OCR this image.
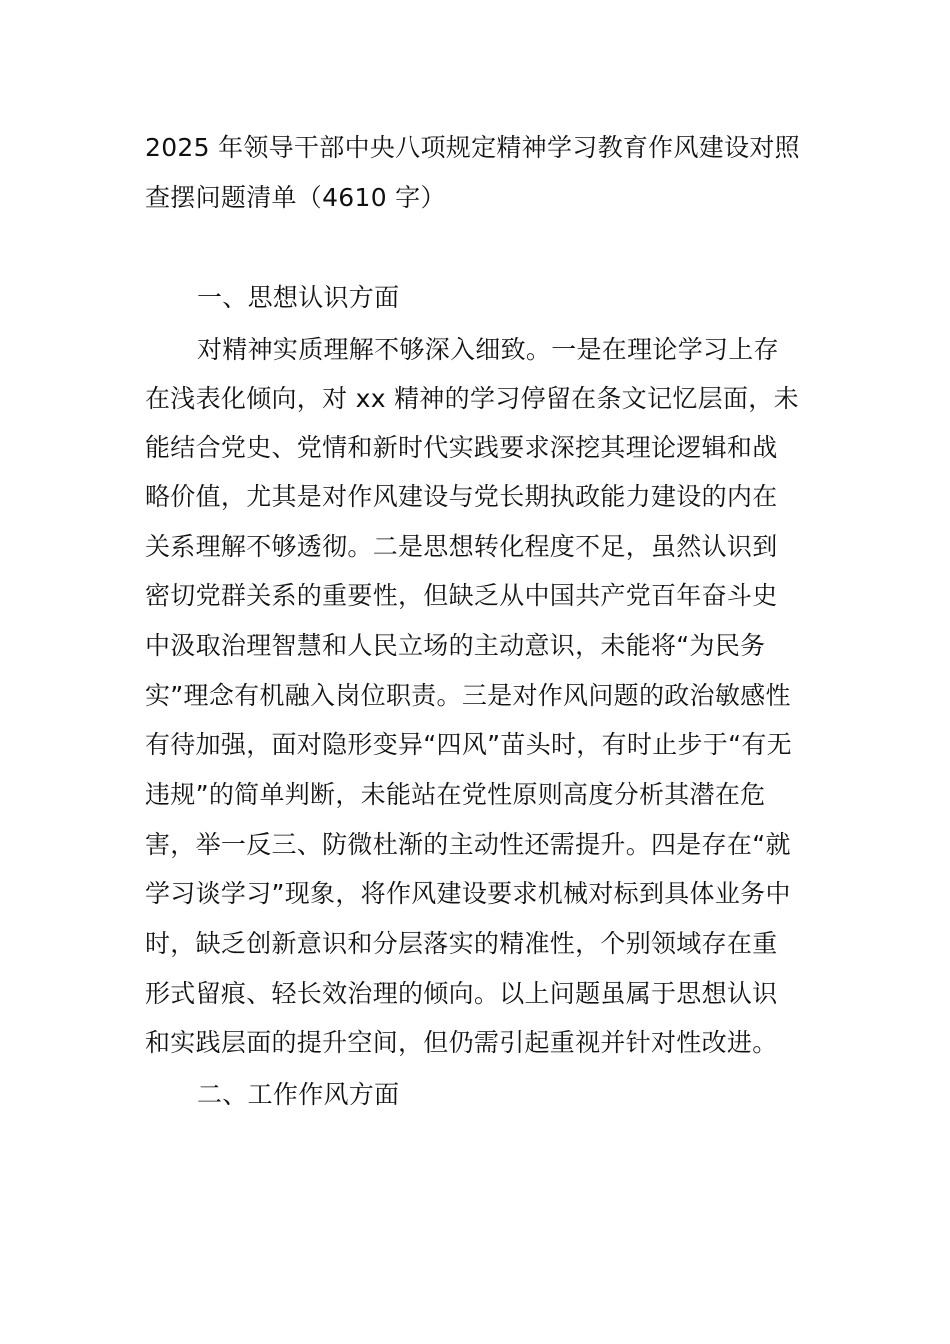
2025 年领导干部中央八项规定精神学习教育作风建设对照
查摆问题清单（4610 字）
一、思想认识方面
对精神实质理解不够深入细致。一是在理论学习上存
在浅表化倾向，对 xx 精神的学习停留在条文记忆层面，未
能结合党史、党情和新时代实践要求深挖其理论逻辑和战
略价值，尤其是对作风建设与党长期执政能力建设的内在
关系理解不够透彻。二是思想转化程度不足，虽然认识到
密切党群关系的重要性，但缺乏从中国共产党百年奋斗史
中汲取治理智慧和人民立场的主动意识，未能将“为民务
实”理念有机融入岗位职责。三是对作风问题的政治敏感性
有待加强，面对隐形变异“四风”苗头时，有时止步于“有无
违规”的简单判断，未能站在党性原则高度分析其潜在危
害，举一反三、防微杜渐的主动性还需提升。四是存在“就
学习谈学习”现象，将作风建设要求机械对标到具体业务中
时，缺乏创新意识和分层落实的精准性，个别领域存在重
形式留痕、轻长效治理的倾向。以上问题虽属于思想认识
和实践层面的提升空间，但仍需引起重视并针对性改进。
二、工作作风方面
